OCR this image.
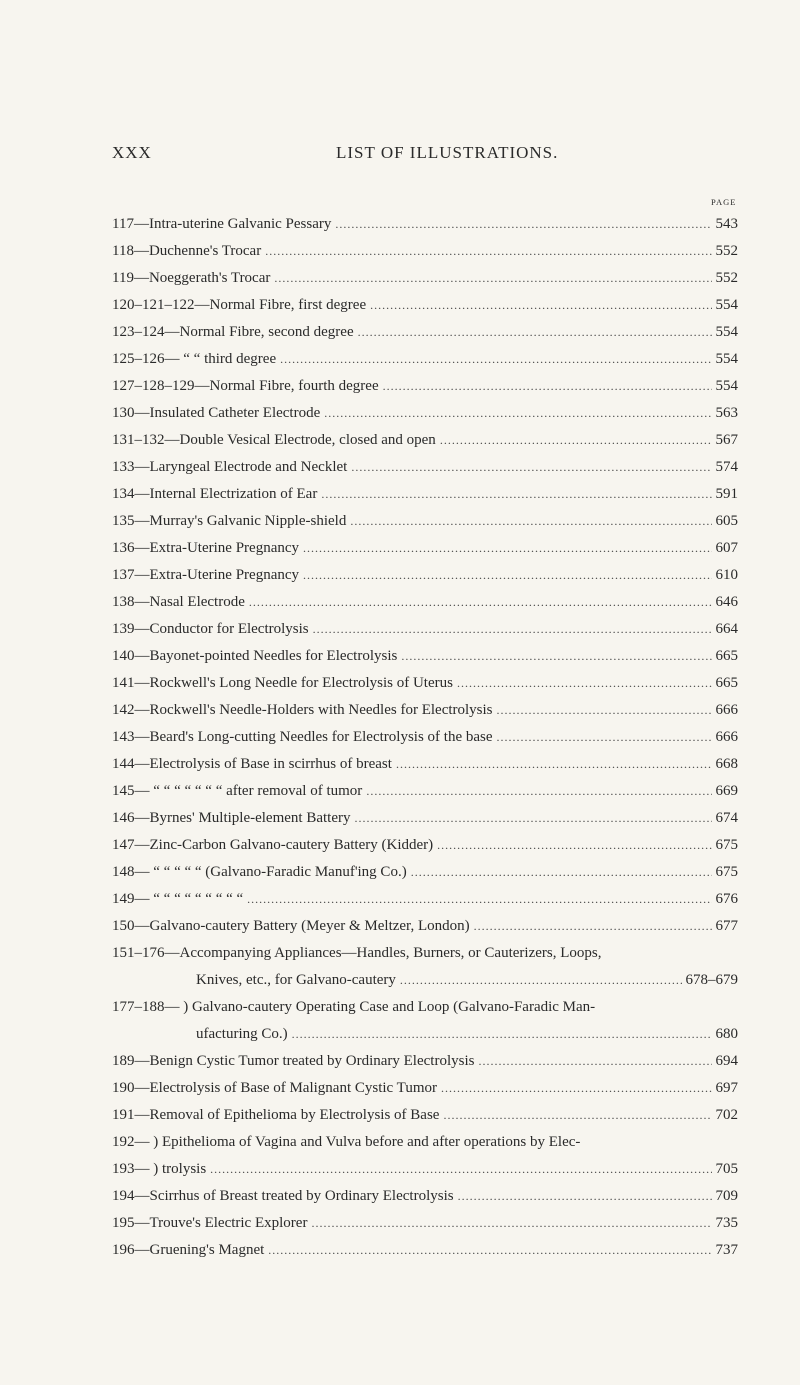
XXX	LIST OF ILLUSTRATIONS.
PAGE
117—Intra-uterine Galvanic Pessary .....	543
118—Duchenne's Trocar .....	552
119—Noeggerath's Trocar .....	552
120–121–122—Normal Fibre, first degree .....	554
123–124—Normal Fibre, second degree .....	554
125–126— “ “ third degree .....	554
127–128–129—Normal Fibre, fourth degree .....	554
130—Insulated Catheter Electrode .....	563
131–132—Double Vesical Electrode, closed and open .....	567
133—Laryngeal Electrode and Necklet .....	574
134—Internal Electrization of Ear .....	591
135—Murray's Galvanic Nipple-shield .....	605
136—Extra-Uterine Pregnancy .....	607
137—Extra-Uterine Pregnancy .....	610
138—Nasal Electrode .....	646
139—Conductor for Electrolysis .....	664
140—Bayonet-pointed Needles for Electrolysis .....	665
141—Rockwell's Long Needle for Electrolysis of Uterus .....	665
142—Rockwell's Needle-Holders with Needles for Electrolysis .....	666
143—Beard's Long-cutting Needles for Electrolysis of the base .....	666
144—Electrolysis of Base in scirrhus of breast .....	668
145— “ “ “ “ “ “ “ after removal of tumor .....	669
146—Byrnes' Multiple-element Battery .....	674
147—Zinc-Carbon Galvano-cautery Battery (Kidder) .....	675
148— “ “ “ “ “ (Galvano-Faradic Manuf'ing Co.) .....	675
149— “ “ “ “ “ “ “ “ “ .....	676
150—Galvano-cautery Battery (Meyer & Meltzer, London) .....	677
151–176—Accompanying Appliances—Handles, Burners, or Cauterizers, Loops,
Knives, etc., for Galvano-cautery .....	678–679
177–188— ) Galvano-cautery Operating Case and Loop (Galvano-Faradic Man-
ufacturing Co.) .....	680
189—Benign Cystic Tumor treated by Ordinary Electrolysis .....	694
190—Electrolysis of Base of Malignant Cystic Tumor .....	697
191—Removal of Epithelioma by Electrolysis of Base .....	702
192— ) Epithelioma of Vagina and Vulva before and after operations by Elec-
193— ) trolysis .....	705
194—Scirrhus of Breast treated by Ordinary Electrolysis .....	709
195—Trouve's Electric Explorer .....	735
196—Gruening's Magnet .....	737
